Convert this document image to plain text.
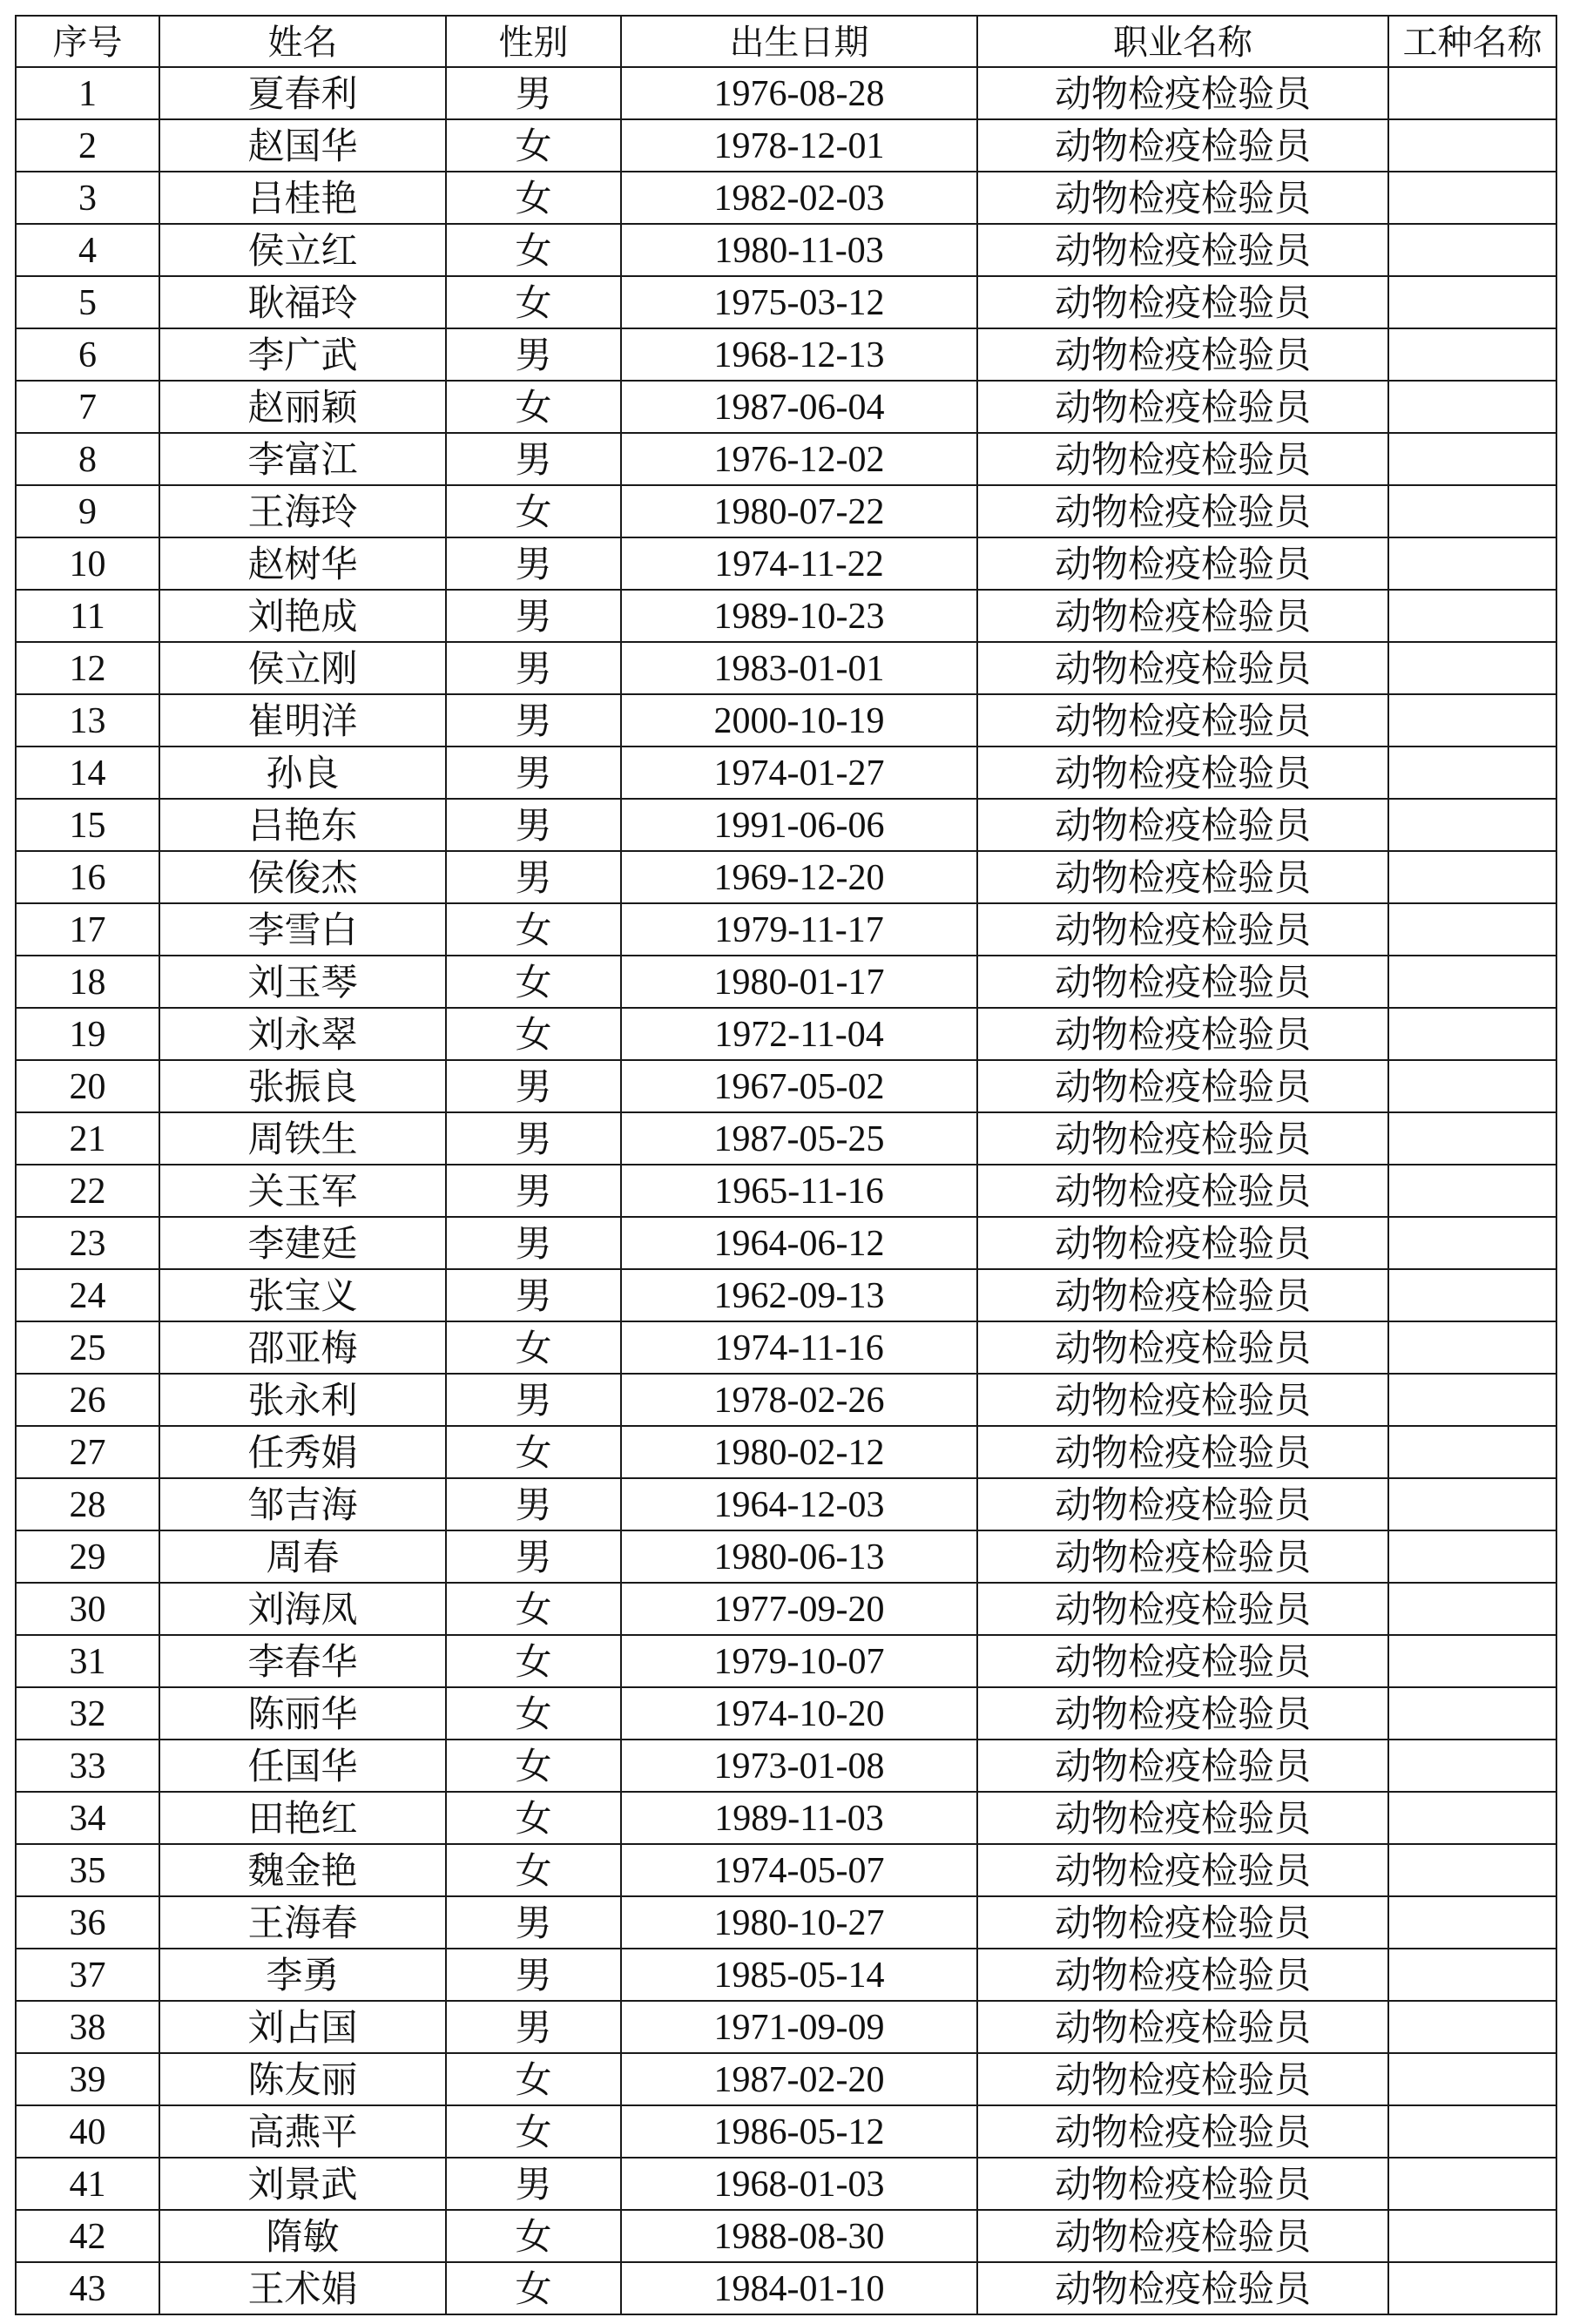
序号	姓名	性别	出生日期	职业名称	工种名称
1	夏春利	男	1976-08-28	动物检疫检验员	
2	赵国华	女	1978-12-01	动物检疫检验员	
3	吕桂艳	女	1982-02-03	动物检疫检验员	
4	侯立红	女	1980-11-03	动物检疫检验员	
5	耿福玲	女	1975-03-12	动物检疫检验员	
6	李广武	男	1968-12-13	动物检疫检验员	
7	赵丽颖	女	1987-06-04	动物检疫检验员	
8	李富江	男	1976-12-02	动物检疫检验员	
9	王海玲	女	1980-07-22	动物检疫检验员	
10	赵树华	男	1974-11-22	动物检疫检验员	
11	刘艳成	男	1989-10-23	动物检疫检验员	
12	侯立刚	男	1983-01-01	动物检疫检验员	
13	崔明洋	男	2000-10-19	动物检疫检验员	
14	孙良	男	1974-01-27	动物检疫检验员	
15	吕艳东	男	1991-06-06	动物检疫检验员	
16	侯俊杰	男	1969-12-20	动物检疫检验员	
17	李雪白	女	1979-11-17	动物检疫检验员	
18	刘玉琴	女	1980-01-17	动物检疫检验员	
19	刘永翠	女	1972-11-04	动物检疫检验员	
20	张振良	男	1967-05-02	动物检疫检验员	
21	周铁生	男	1987-05-25	动物检疫检验员	
22	关玉军	男	1965-11-16	动物检疫检验员	
23	李建廷	男	1964-06-12	动物检疫检验员	
24	张宝义	男	1962-09-13	动物检疫检验员	
25	邵亚梅	女	1974-11-16	动物检疫检验员	
26	张永利	男	1978-02-26	动物检疫检验员	
27	任秀娟	女	1980-02-12	动物检疫检验员	
28	邹吉海	男	1964-12-03	动物检疫检验员	
29	周春	男	1980-06-13	动物检疫检验员	
30	刘海凤	女	1977-09-20	动物检疫检验员	
31	李春华	女	1979-10-07	动物检疫检验员	
32	陈丽华	女	1974-10-20	动物检疫检验员	
33	任国华	女	1973-01-08	动物检疫检验员	
34	田艳红	女	1989-11-03	动物检疫检验员	
35	魏金艳	女	1974-05-07	动物检疫检验员	
36	王海春	男	1980-10-27	动物检疫检验员	
37	李勇	男	1985-05-14	动物检疫检验员	
38	刘占国	男	1971-09-09	动物检疫检验员	
39	陈友丽	女	1987-02-20	动物检疫检验员	
40	高燕平	女	1986-05-12	动物检疫检验员	
41	刘景武	男	1968-01-03	动物检疫检验员	
42	隋敏	女	1988-08-30	动物检疫检验员	
43	王术娟	女	1984-01-10	动物检疫检验员	
